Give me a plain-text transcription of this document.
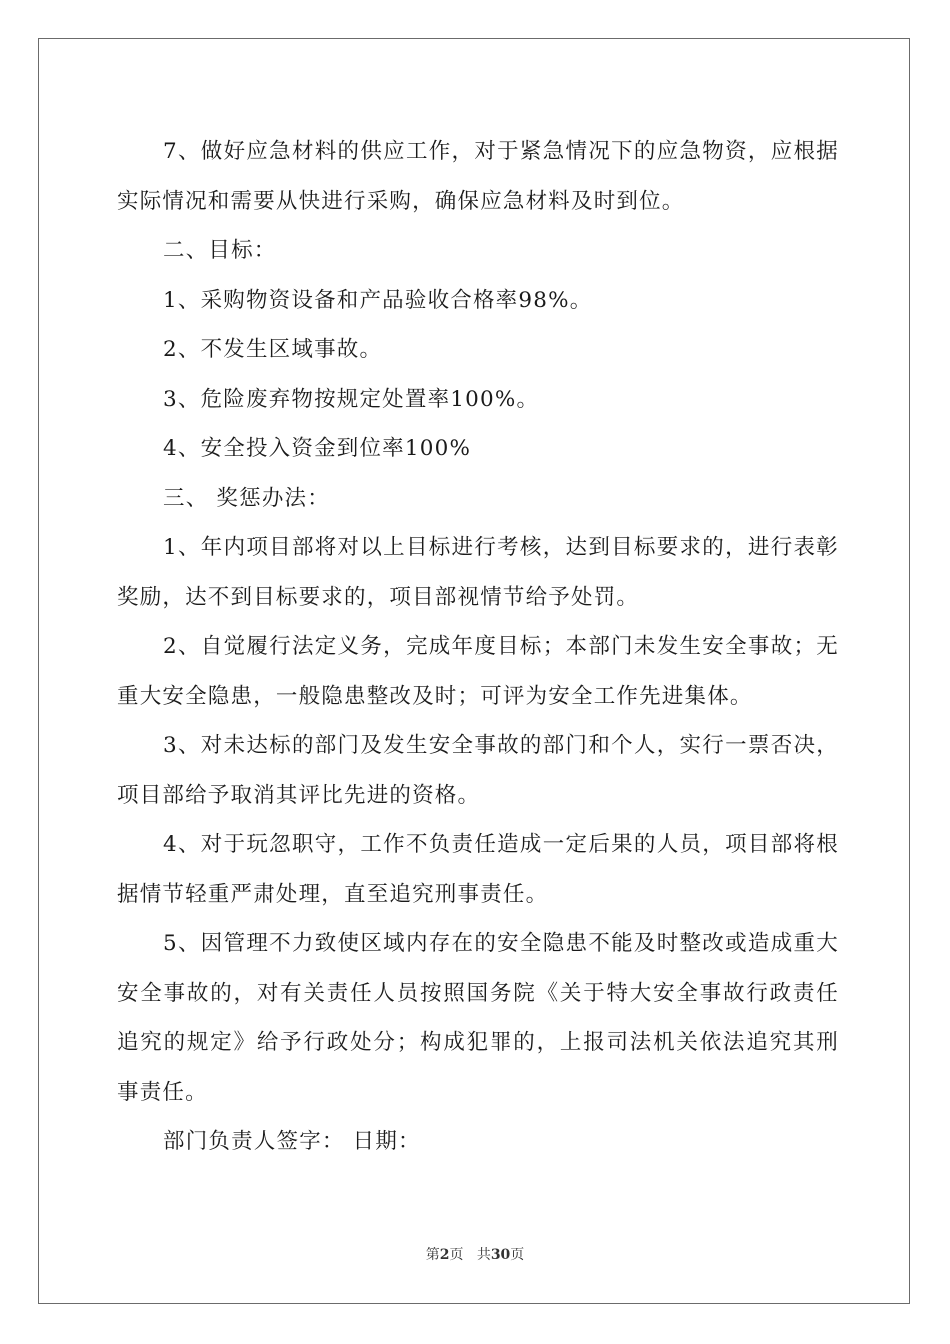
7、做好应急材料的供应工作，对于紧急情况下的应急物资，应根据实际情况和需要从快进行采购，确保应急材料及时到位。

二、目标：

1、采购物资设备和产品验收合格率98%。

2、不发生区域事故。

3、危险废弃物按规定处置率100%。

4、安全投入资金到位率100%

三、 奖惩办法：

1、年内项目部将对以上目标进行考核，达到目标要求的，进行表彰奖励，达不到目标要求的，项目部视情节给予处罚。

2、自觉履行法定义务，完成年度目标；本部门未发生安全事故；无重大安全隐患，一般隐患整改及时；可评为安全工作先进集体。

3、对未达标的部门及发生安全事故的部门和个人，实行一票否决，项目部给予取消其评比先进的资格。

4、对于玩忽职守，工作不负责任造成一定后果的人员，项目部将根据情节轻重严肃处理，直至追究刑事责任。

5、因管理不力致使区域内存在的安全隐患不能及时整改或造成重大安全事故的，对有关责任人员按照国务院《关于特大安全事故行政责任追究的规定》给予行政处分；构成犯罪的，上报司法机关依法追究其刑事责任。

部门负责人签字： 日期：

第2页 共30页
